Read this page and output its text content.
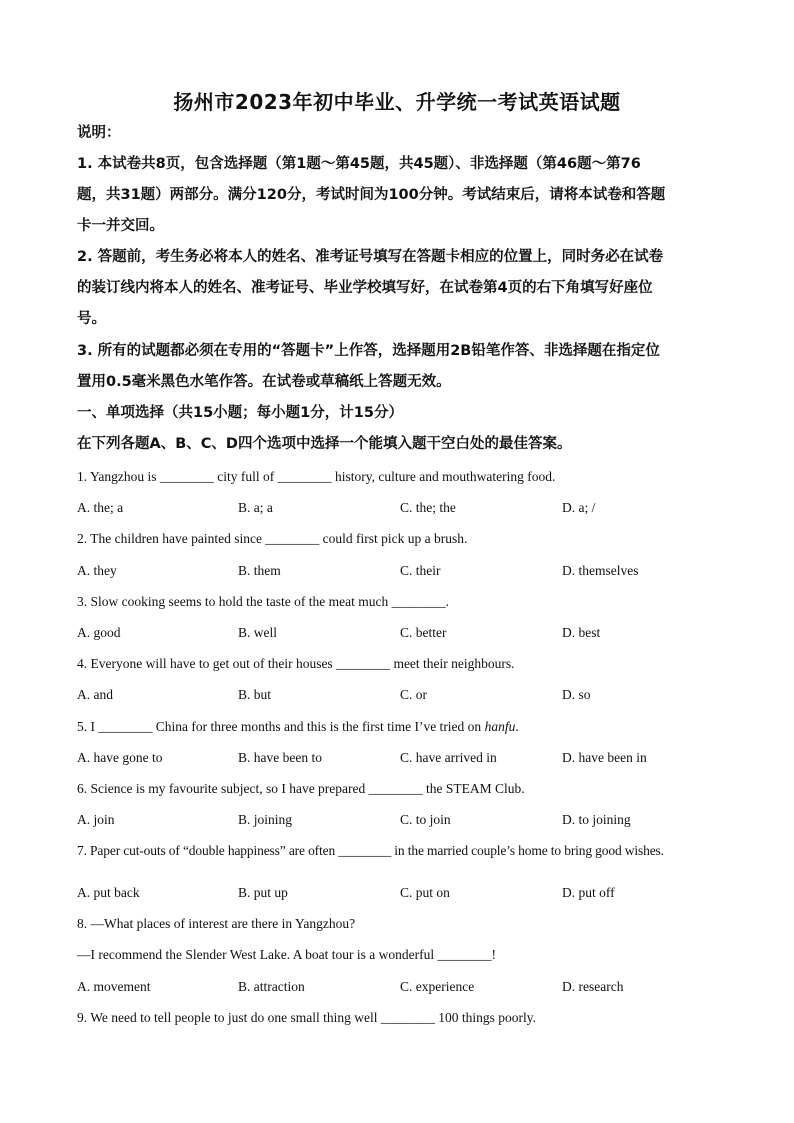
扬州市2023年初中毕业、升学统一考试英语试题
说明：
1. 本试卷共8页，包含选择题（第1题～第45题，共45题）、非选择题（第46题～第76
题，共31题）两部分。满分120分，考试时间为100分钟。考试结束后，请将本试卷和答题
卡一并交回。
2. 答题前，考生务必将本人的姓名、准考证号填写在答题卡相应的位置上，同时务必在试卷
的装订线内将本人的姓名、准考证号、毕业学校填写好，在试卷第4页的右下角填写好座位
号。
3. 所有的试题都必须在专用的“答题卡”上作答，选择题用2B铅笔作答、非选择题在指定位
置用0.5毫米黑色水笔作答。在试卷或草稿纸上答题无效。
一、单项选择（共15小题；每小题1分，计15分）
在下列各题A、B、C、D四个选项中选择一个能填入题干空白处的最佳答案。
1. Yangzhou is ________ city full of ________ history, culture and mouthwatering food.
A. the; a	B. a; a	C. the; the	D. a; /
2. The children have painted since ________ could first pick up a brush.
A. they	B. them	C. their	D. themselves
3. Slow cooking seems to hold the taste of the meat much ________.
A. good	B. well	C. better	D. best
4. Everyone will have to get out of their houses ________ meet their neighbours.
A. and	B. but	C. or	D. so
5. I ________ China for three months and this is the first time I’ve tried on hanfu.
A. have gone to	B. have been to	C. have arrived in	D. have been in
6. Science is my favourite subject, so I have prepared ________ the STEAM Club.
A. join	B. joining	C. to join	D. to joining
7. Paper cut-outs of “double happiness” are often ________ in the married couple’s home to bring good wishes.
A. put back	B. put up	C. put on	D. put off
8. —What places of interest are there in Yangzhou?
—I recommend the Slender West Lake. A boat tour is a wonderful ________!
A. movement	B. attraction	C. experience	D. research
9. We need to tell people to just do one small thing well ________ 100 things poorly.
